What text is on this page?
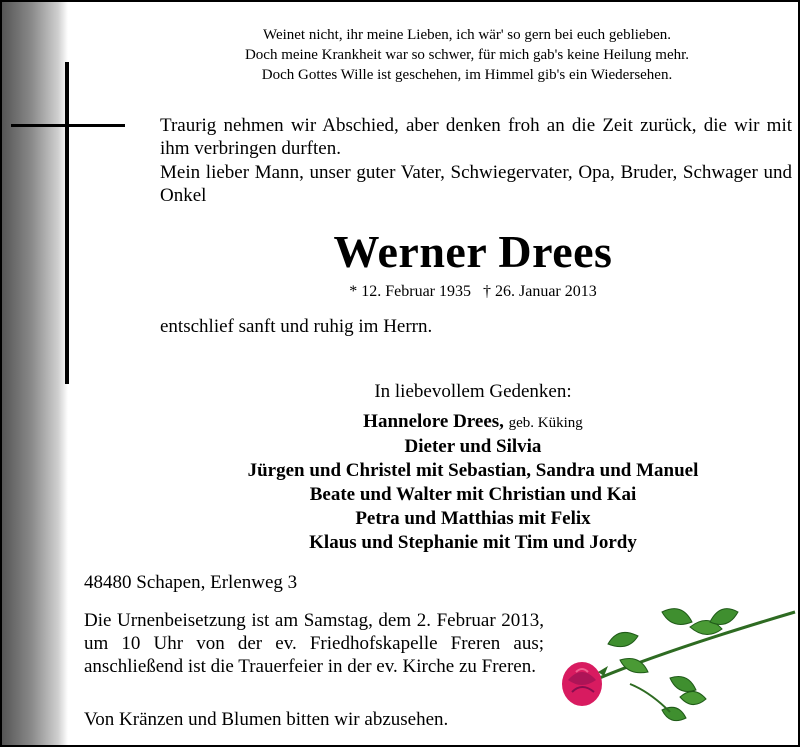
Weinet nicht, ihr meine Lieben, ich wär' so gern bei euch geblieben.
Doch meine Krankheit war so schwer, für mich gab's keine Heilung mehr.
Doch Gottes Wille ist geschehen, im Himmel gib's ein Wiedersehen.
Traurig nehmen wir Abschied, aber denken froh an die Zeit zurück, die wir mit ihm verbringen durften.
Mein lieber Mann, unser guter Vater, Schwiegervater, Opa, Bruder, Schwager und Onkel
Werner Drees
* 12. Februar 1935 † 26. Januar 2013
entschlief sanft und ruhig im Herrn.
In liebevollem Gedenken:
Hannelore Drees, geb. Küking
Dieter und Silvia
Jürgen und Christel mit Sebastian, Sandra und Manuel
Beate und Walter mit Christian und Kai
Petra und Matthias mit Felix
Klaus und Stephanie mit Tim und Jordy
48480 Schapen, Erlenweg 3
Die Urnenbeisetzung ist am Samstag, dem 2. Februar 2013, um 10 Uhr von der ev. Friedhofskapelle Freren aus; anschließend ist die Trauerfeier in der ev. Kirche zu Freren.
Von Kränzen und Blumen bitten wir abzusehen.
